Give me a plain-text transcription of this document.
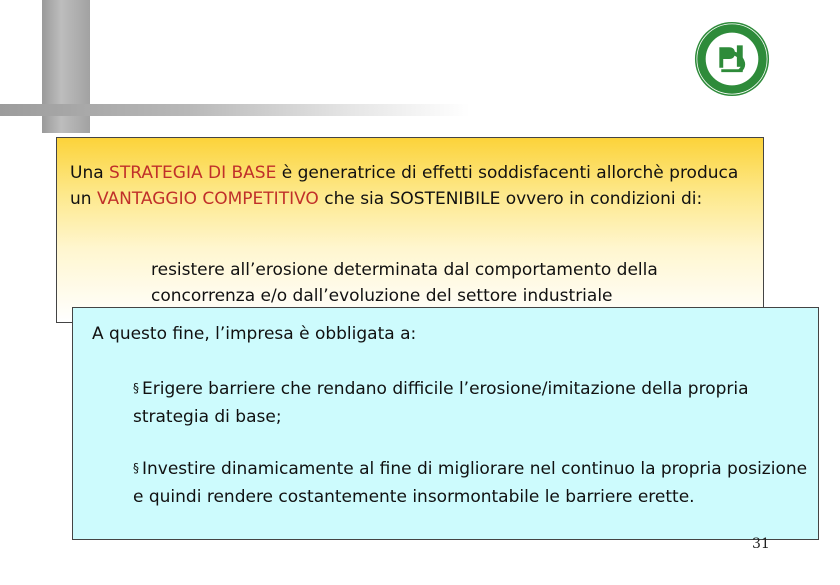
Una STRATEGIA DI BASE è generatrice di effetti soddisfacenti allorchè produca un VANTAGGIO COMPETITIVO che sia SOSTENIBILE ovvero in condizioni di:
resistere all’erosione determinata dal comportamento della concorrenza e/o dall’evoluzione del settore industriale
A questo fine, l’impresa è obbligata a:
§ Erigere barriere che rendano difficile l’erosione/imitazione della propria strategia di base;
§ Investire dinamicamente al fine di migliorare nel continuo la propria posizione e quindi rendere costantemente insormontabile le barriere erette.
31
